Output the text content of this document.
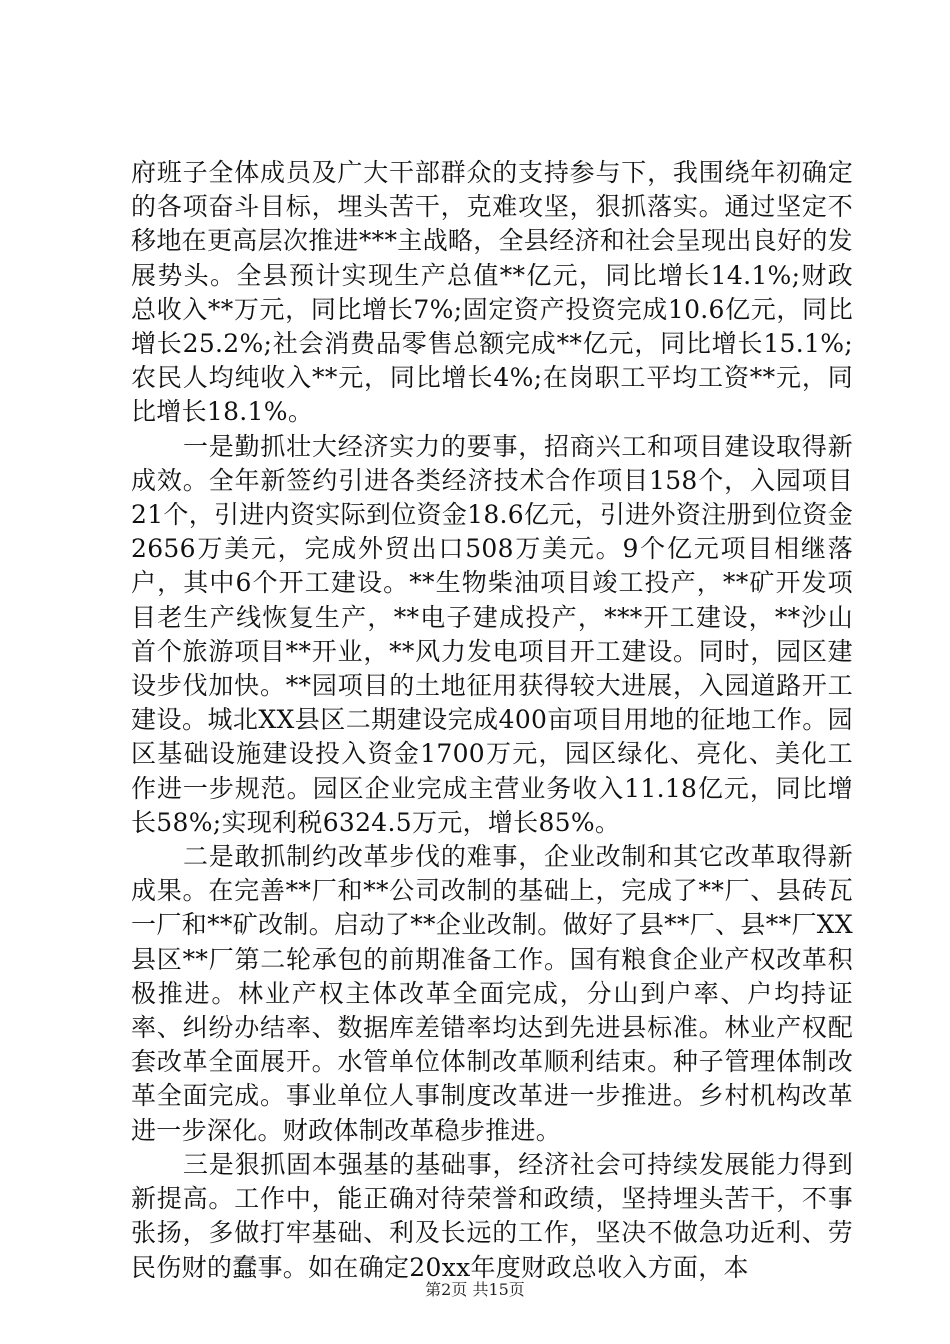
府班子全体成员及广大干部群众的支持参与下，我围绕年初确定的各项奋斗目标，埋头苦干，克难攻坚，狠抓落实。通过坚定不移地在更高层次推进***主战略，全县经济和社会呈现出良好的发展势头。全县预计实现生产总值**亿元，同比增长14.1%;财政总收入**万元，同比增长7%;固定资产投资完成10.6亿元，同比增长25.2%;社会消费品零售总额完成**亿元，同比增长15.1%;农民人均纯收入**元，同比增长4%;在岗职工平均工资**元，同比增长18.1%。

一是勤抓壮大经济实力的要事，招商兴工和项目建设取得新成效。全年新签约引进各类经济技术合作项目158个，入园项目21个，引进内资实际到位资金18.6亿元，引进外资注册到位资金2656万美元，完成外贸出口508万美元。9个亿元项目相继落户，其中6个开工建设。**生物柴油项目竣工投产，**矿开发项目老生产线恢复生产，**电子建成投产，***开工建设，**沙山首个旅游项目**开业，**风力发电项目开工建设。同时，园区建设步伐加快。**园项目的土地征用获得较大进展，入园道路开工建设。城北XX县区二期建设完成400亩项目用地的征地工作。园区基础设施建设投入资金1700万元，园区绿化、亮化、美化工作进一步规范。园区企业完成主营业务收入11.18亿元，同比增长58%;实现利税6324.5万元，增长85%。

二是敢抓制约改革步伐的难事，企业改制和其它改革取得新成果。在完善**厂和**公司改制的基础上，完成了**厂、县砖瓦一厂和**矿改制。启动了**企业改制。做好了县**厂、县**厂XX县区**厂第二轮承包的前期准备工作。国有粮食企业产权改革积极推进。林业产权主体改革全面完成，分山到户率、户均持证率、纠纷办结率、数据库差错率均达到先进县标准。林业产权配套改革全面展开。水管单位体制改革顺利结束。种子管理体制改革全面完成。事业单位人事制度改革进一步推进。乡村机构改革进一步深化。财政体制改革稳步推进。

三是狠抓固本强基的基础事，经济社会可持续发展能力得到新提高。工作中，能正确对待荣誉和政绩，坚持埋头苦干，不事张扬，多做打牢基础、利及长远的工作，坚决不做急功近利、劳民伤财的蠢事。如在确定20xx年度财政总收入方面，本

第2页 共15页
